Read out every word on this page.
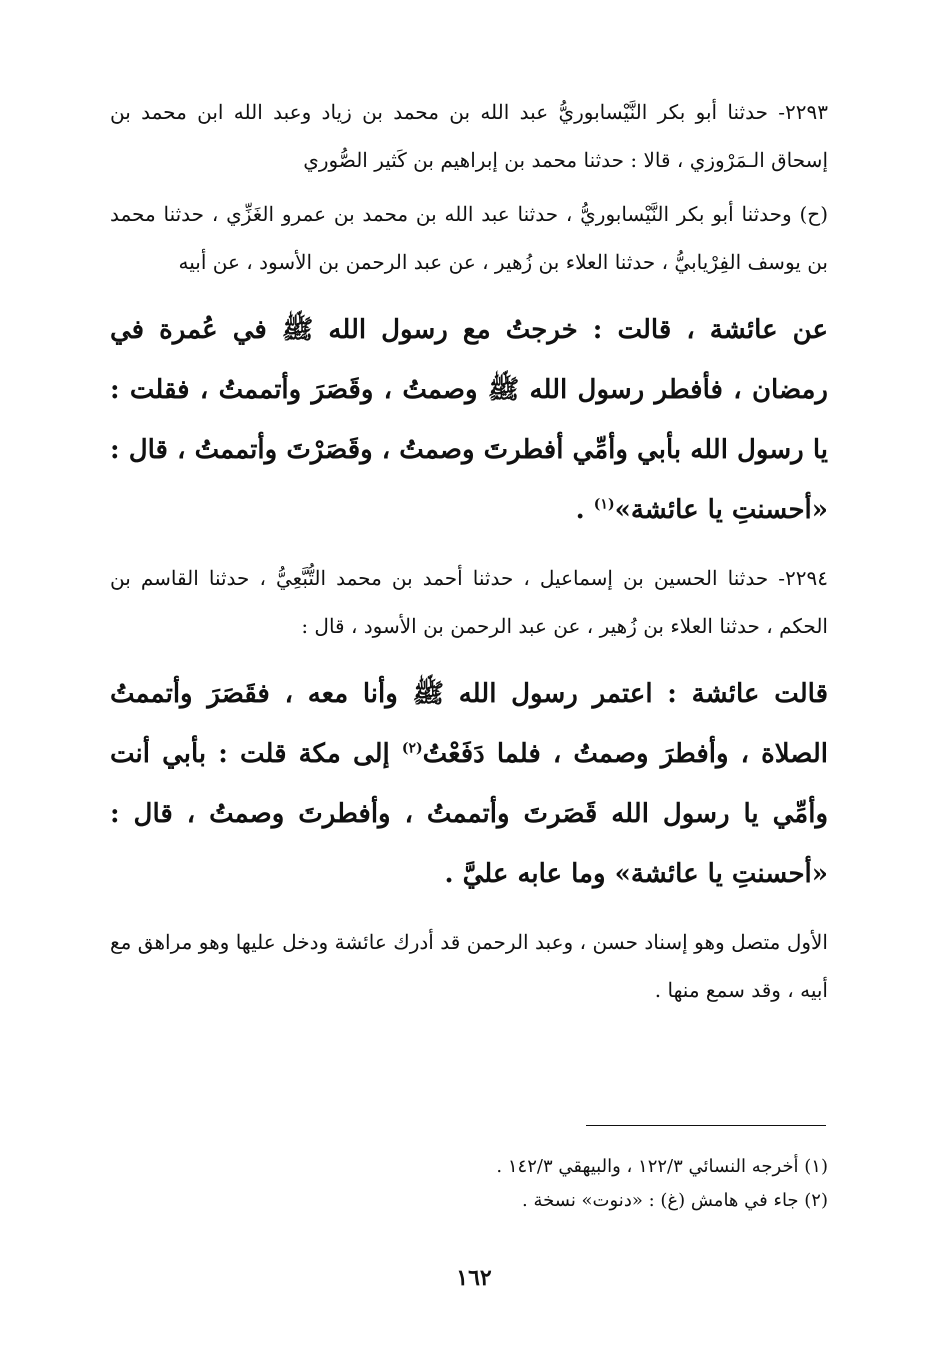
٢٢٩٣- حدثنا أبو بكر النَّيْسابوريُّ عبد الله بن محمد بن زياد وعبد الله ابن محمد بن إسحاق الـمَرْوزي ، قالا : حدثنا محمد بن إبراهيم بن كَثير الصُّوري

(ح) وحدثنا أبو بكر النَّيْسابوريُّ ، حدثنا عبد الله بن محمد بن عمرو الغَزِّي ، حدثنا محمد بن يوسف الفِرْيابيُّ ، حدثنا العلاء بن زُهير ، عن عبد الرحمن بن الأسود ، عن أبيه

عن عائشة ، قالت : خرجتُ مع رسول الله ﷺ في عُمرة في رمضان ، فأفطر رسول الله ﷺ وصمتُ ، وقَصَرَ وأتممتُ ، فقلت : يا رسول الله بأبي وأمِّي أفطرتَ وصمتُ ، وقَصَرْتَ وأتممتُ ، قال : «أحسنتِ يا عائشة»$^{(١)}$ .

٢٢٩٤- حدثنا الحسين بن إسماعيل ، حدثنا أحمد بن محمد التُّبَّعِيُّ ، حدثنا القاسم بن الحكم ، حدثنا العلاء بن زُهير ، عن عبد الرحمن بن الأسود ، قال :

قالت عائشة : اعتمر رسول الله ﷺ وأنا معه ، فقَصَرَ وأتممتُ الصلاة ، وأفطرَ وصمتُ ، فلما دَفَعْتُ$^{(٢)}$ إلى مكة قلت : بأبي أنت وأمِّي يا رسول الله قَصَرتَ وأتممتُ ، وأفطرتَ وصمتُ ، قال : «أحسنتِ يا عائشة» وما عابه عليَّ .

الأول متصل وهو إسناد حسن ، وعبد الرحمن قد أدرك عائشة ودخل عليها وهو مراهق مع أبيه ، وقد سمع منها .

(١) أخرجه النسائي ١٢٢/٣ ، والبيهقي ١٤٢/٣ .

(٢) جاء في هامش (غ) : «دنوت» نسخة .

١٦٢
